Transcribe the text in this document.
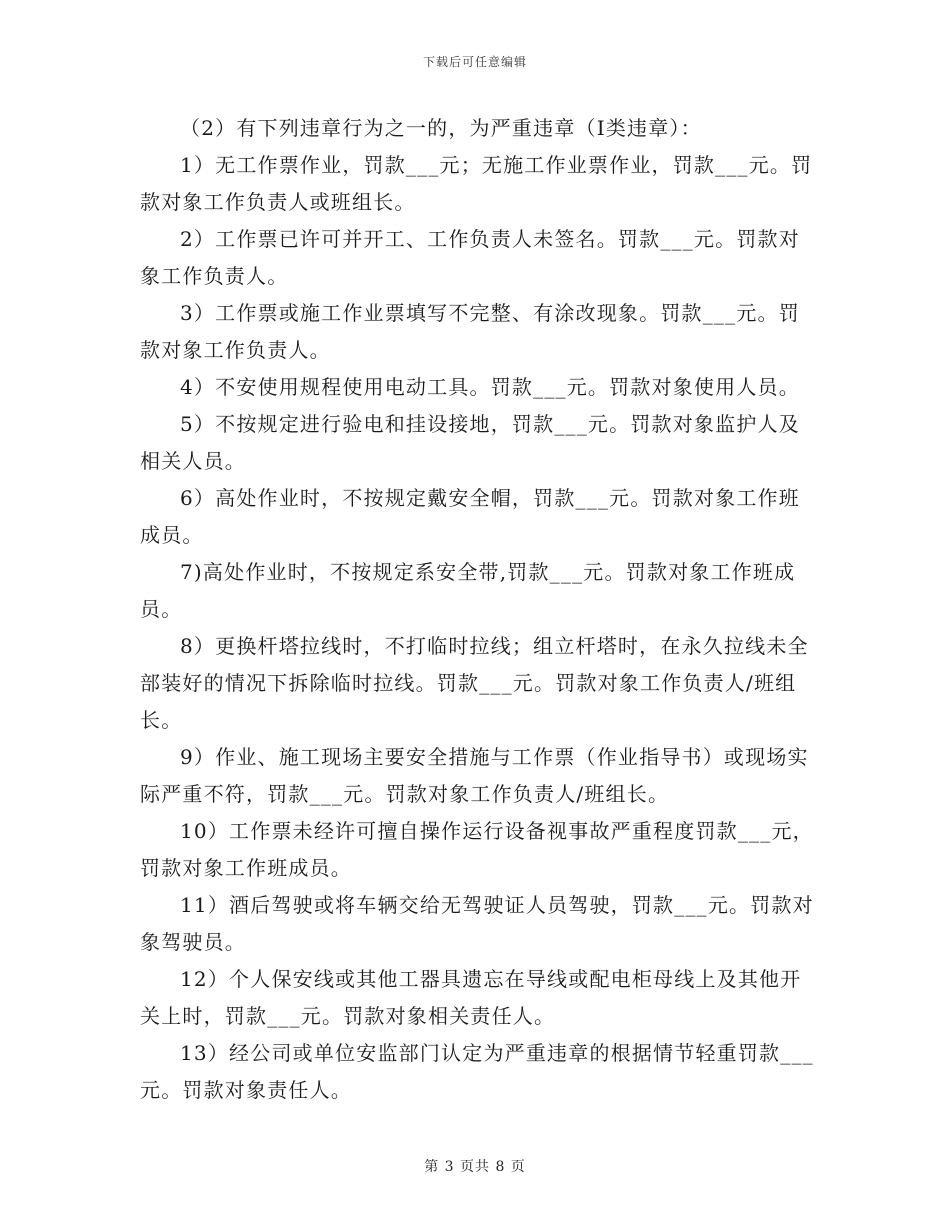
下载后可任意编辑

（2）有下列违章行为之一的，为严重违章（Ⅰ类违章）：

1）无工作票作业，罚款___元；无施工作业票作业，罚款___元。罚款对象工作负责人或班组长。

2）工作票已许可并开工、工作负责人未签名。罚款___元。罚款对象工作负责人。

3）工作票或施工作业票填写不完整、有涂改现象。罚款___元。罚款对象工作负责人。

4）不安使用规程使用电动工具。罚款___元。罚款对象使用人员。

5）不按规定进行验电和挂设接地，罚款___元。罚款对象监护人及相关人员。

6）高处作业时，不按规定戴安全帽，罚款___元。罚款对象工作班成员。

7)高处作业时，不按规定系安全带,罚款___元。罚款对象工作班成员。

8）更换杆塔拉线时，不打临时拉线；组立杆塔时，在永久拉线未全部装好的情况下拆除临时拉线。罚款___元。罚款对象工作负责人/班组长。

9）作业、施工现场主要安全措施与工作票（作业指导书）或现场实际严重不符，罚款___元。罚款对象工作负责人/班组长。

10）工作票未经许可擅自操作运行设备视事故严重程度罚款___元，罚款对象工作班成员。

11）酒后驾驶或将车辆交给无驾驶证人员驾驶，罚款___元。罚款对象驾驶员。

12）个人保安线或其他工器具遗忘在导线或配电柜母线上及其他开关上时，罚款___元。罚款对象相关责任人。

13）经公司或单位安监部门认定为严重违章的根据情节轻重罚款___元。罚款对象责任人。

第 3 页共 8 页
